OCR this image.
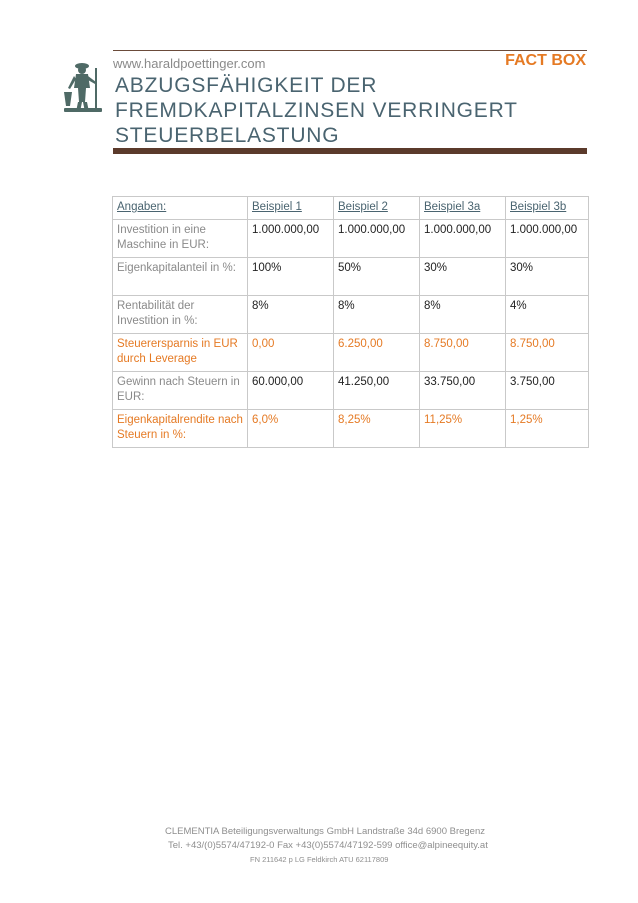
www.haraldpoettinger.com	FACT BOX
ABZUGSFÄHIGKEIT DER
FREMDKAPITALZINSEN VERRINGERT
STEUERBELASTUNG
Angaben:	Beispiel 1	Beispiel 2	Beispiel 3a	Beispiel 3b
Investition in eine Maschine in EUR:	1.000.000,00	1.000.000,00	1.000.000,00	1.000.000,00
Eigenkapitalanteil in %:	100%	50%	30%	30%
Rentabilität der Investition in %:	8%	8%	8%	4%
Steuerersparnis in EUR durch Leverage	0,00	6.250,00	8.750,00	8.750,00
Gewinn nach Steuern in EUR:	60.000,00	41.250,00	33.750,00	3.750,00
Eigenkapitalrendite nach Steuern in %:	6,0%	8,25%	11,25%	1,25%
CLEMENTIA Beteiligungsverwaltungs GmbH Landstraße 34d 6900 Bregenz
Tel. +43/(0)5574/47192-0 Fax +43(0)5574/47192-599 office@alpineequity.at
FN 211642 p LG Feldkirch ATU 62117809
